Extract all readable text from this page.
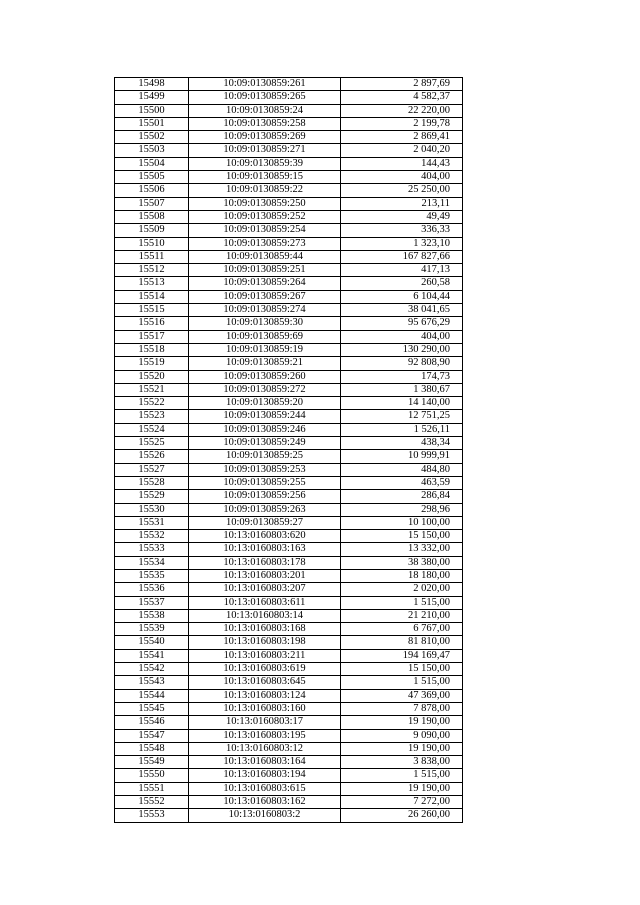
15498	10:09:0130859:261	2 897,69
15499	10:09:0130859:265	4 582,37
15500	10:09:0130859:24	22 220,00
15501	10:09:0130859:258	2 199,78
15502	10:09:0130859:269	2 869,41
15503	10:09:0130859:271	2 040,20
15504	10:09:0130859:39	144,43
15505	10:09:0130859:15	404,00
15506	10:09:0130859:22	25 250,00
15507	10:09:0130859:250	213,11
15508	10:09:0130859:252	49,49
15509	10:09:0130859:254	336,33
15510	10:09:0130859:273	1 323,10
15511	10:09:0130859:44	167 827,66
15512	10:09:0130859:251	417,13
15513	10:09:0130859:264	260,58
15514	10:09:0130859:267	6 104,44
15515	10:09:0130859:274	38 041,65
15516	10:09:0130859:30	95 676,29
15517	10:09:0130859:69	404,00
15518	10:09:0130859:19	130 290,00
15519	10:09:0130859:21	92 808,90
15520	10:09:0130859:260	174,73
15521	10:09:0130859:272	1 380,67
15522	10:09:0130859:20	14 140,00
15523	10:09:0130859:244	12 751,25
15524	10:09:0130859:246	1 526,11
15525	10:09:0130859:249	438,34
15526	10:09:0130859:25	10 999,91
15527	10:09:0130859:253	484,80
15528	10:09:0130859:255	463,59
15529	10:09:0130859:256	286,84
15530	10:09:0130859:263	298,96
15531	10:09:0130859:27	10 100,00
15532	10:13:0160803:620	15 150,00
15533	10:13:0160803:163	13 332,00
15534	10:13:0160803:178	38 380,00
15535	10:13:0160803:201	18 180,00
15536	10:13:0160803:207	2 020,00
15537	10:13:0160803:611	1 515,00
15538	10:13:0160803:14	21 210,00
15539	10:13:0160803:168	6 767,00
15540	10:13:0160803:198	81 810,00
15541	10:13:0160803:211	194 169,47
15542	10:13:0160803:619	15 150,00
15543	10:13:0160803:645	1 515,00
15544	10:13:0160803:124	47 369,00
15545	10:13:0160803:160	7 878,00
15546	10:13:0160803:17	19 190,00
15547	10:13:0160803:195	9 090,00
15548	10:13:0160803:12	19 190,00
15549	10:13:0160803:164	3 838,00
15550	10:13:0160803:194	1 515,00
15551	10:13:0160803:615	19 190,00
15552	10:13:0160803:162	7 272,00
15553	10:13:0160803:2	26 260,00
